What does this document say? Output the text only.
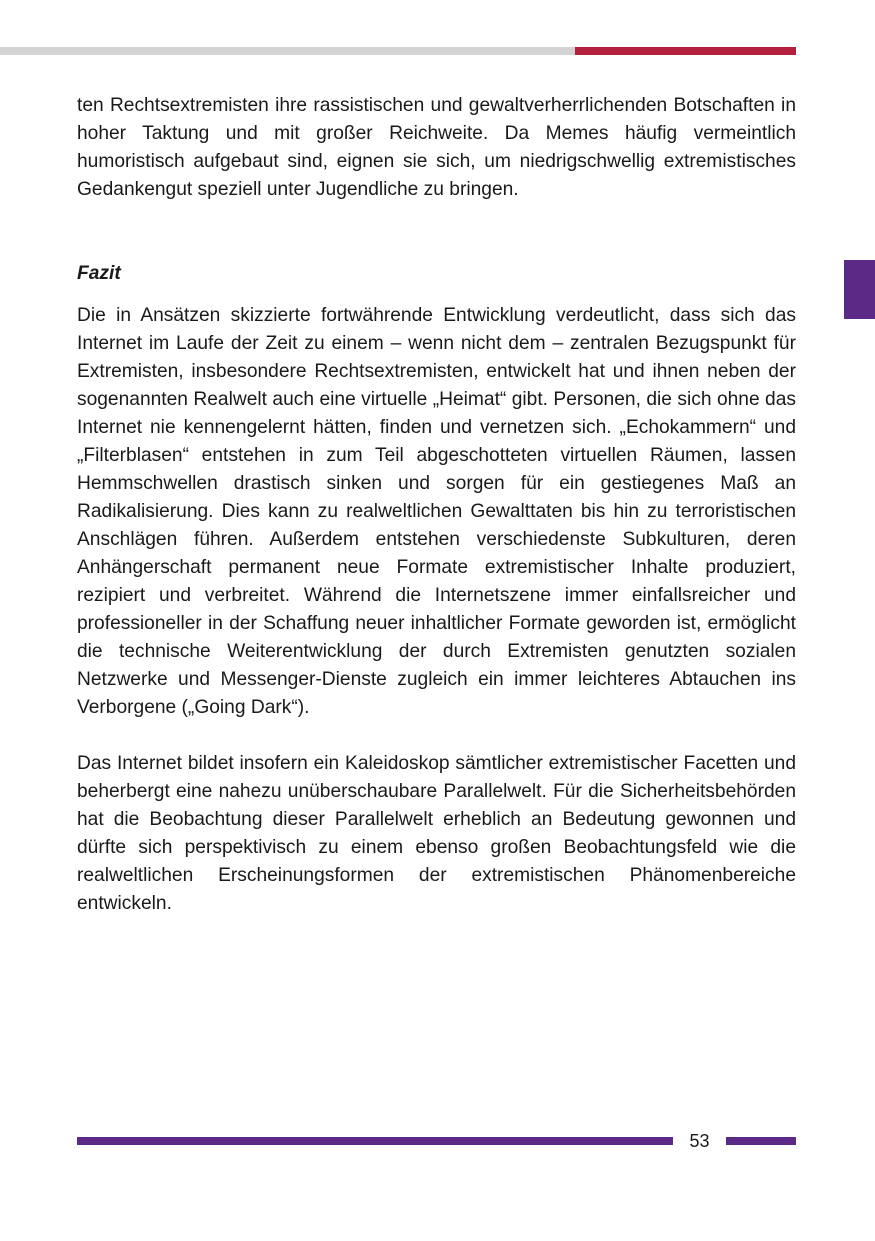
ten Rechtsextremisten ihre rassistischen und gewaltverherrlichenden Botschaften in hoher Taktung und mit großer Reichweite. Da Memes häufig vermeintlich humoristisch aufgebaut sind, eignen sie sich, um niedrigschwellig extremistisches Gedankengut speziell unter Jugendliche zu bringen.

Fazit

Die in Ansätzen skizzierte fortwährende Entwicklung verdeutlicht, dass sich das Internet im Laufe der Zeit zu einem – wenn nicht dem – zentralen Bezugspunkt für Extremisten, insbesondere Rechtsextremisten, entwickelt hat und ihnen neben der sogenannten Realwelt auch eine virtuelle „Heimat“ gibt. Personen, die sich ohne das Internet nie kennengelernt hätten, finden und vernetzen sich. „Echokammern“ und „Filterblasen“ entstehen in zum Teil abgeschotteten virtuellen Räumen, lassen Hemmschwellen drastisch sinken und sorgen für ein gestiegenes Maß an Radikalisierung. Dies kann zu realweltlichen Gewalttaten bis hin zu terroristischen Anschlägen führen. Außerdem entstehen verschiedenste Subkulturen, deren Anhängerschaft permanent neue Formate extremistischer Inhalte produziert, rezipiert und verbreitet. Während die Internetszene immer einfallsreicher und professioneller in der Schaffung neuer inhaltlicher Formate geworden ist, ermöglicht die technische Weiterentwicklung der durch Extremisten genutzten sozialen Netzwerke und Messenger-Dienste zugleich ein immer leichteres Abtauchen ins Verborgene („Going Dark“).

Das Internet bildet insofern ein Kaleidoskop sämtlicher extremistischer Facetten und beherbergt eine nahezu unüberschaubare Parallelwelt. Für die Sicherheitsbehörden hat die Beobachtung dieser Parallelwelt erheblich an Bedeutung gewonnen und dürfte sich perspektivisch zu einem ebenso großen Beobachtungsfeld wie die realweltlichen Erscheinungsformen der extremistischen Phänomenbereiche entwickeln.

53
